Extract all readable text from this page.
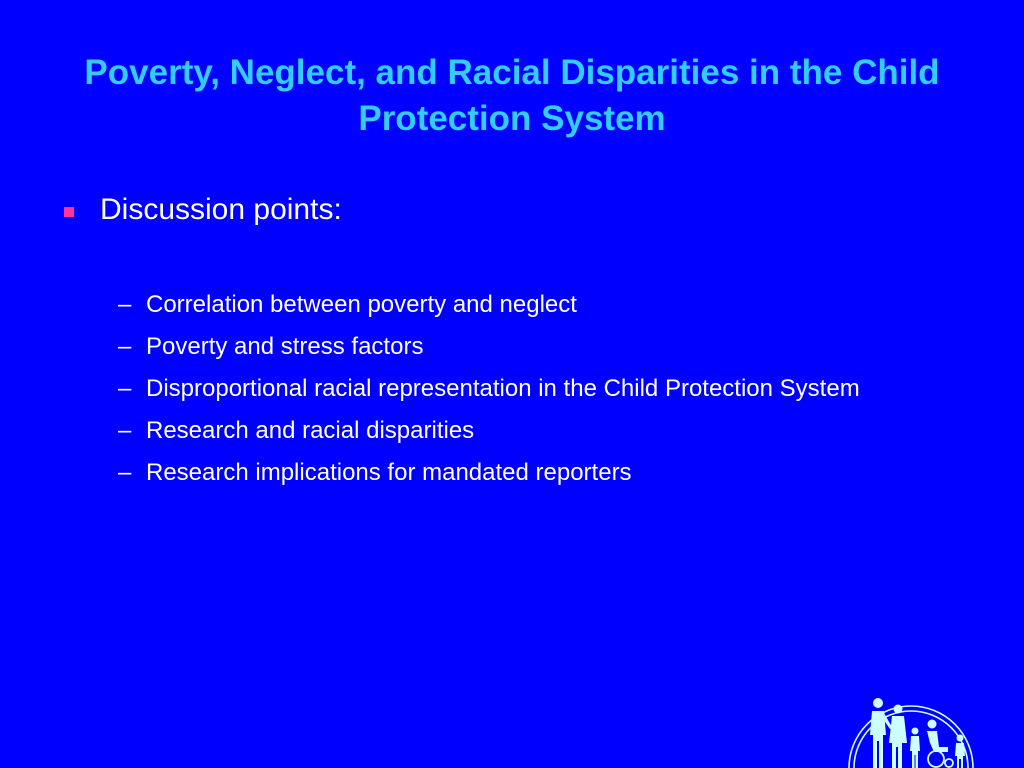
Poverty, Neglect, and Racial Disparities in the Child Protection System
Discussion points:
– Correlation between poverty and neglect
– Poverty and stress factors
– Disproportional racial representation in the Child Protection System
– Research and racial disparities
– Research implications for mandated reporters
